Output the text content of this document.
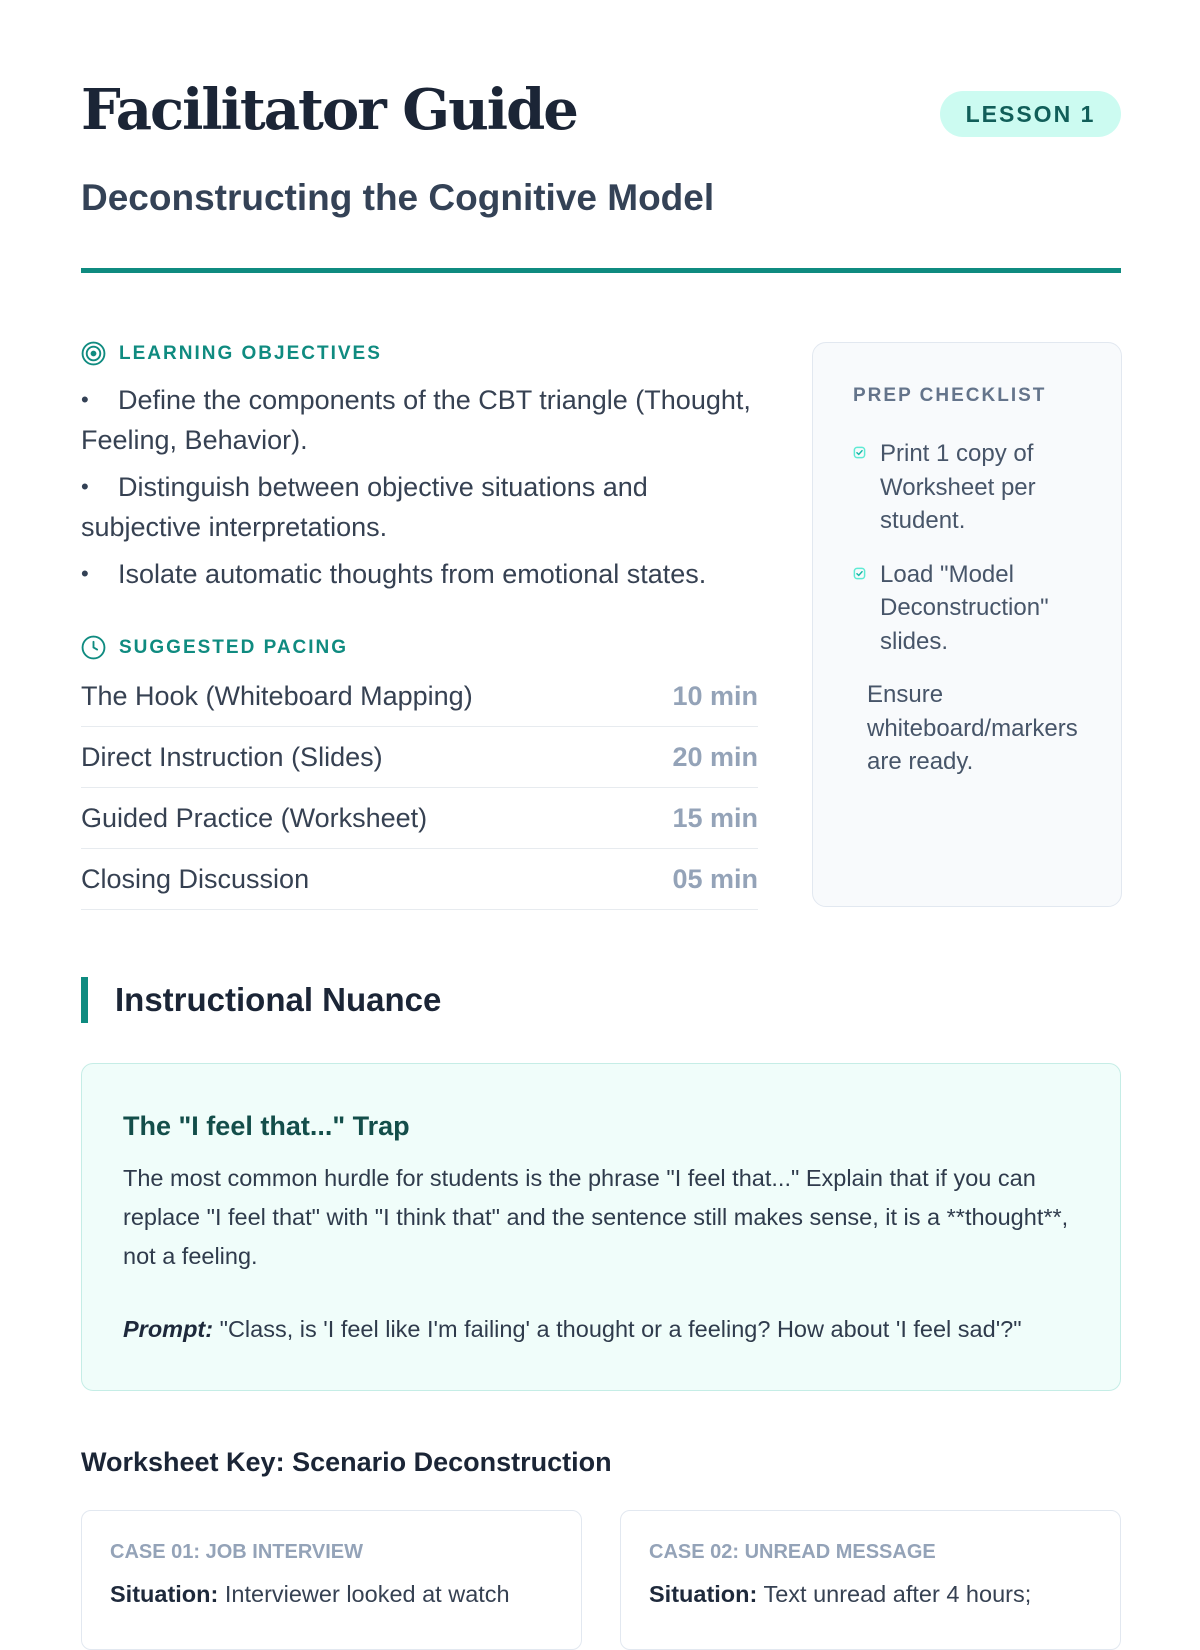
Facilitator Guide	LESSON 1
Deconstructing the Cognitive Model
LEARNING OBJECTIVES
• Define the components of the CBT triangle (Thought, Feeling, Behavior).
• Distinguish between objective situations and subjective interpretations.
• Isolate automatic thoughts from emotional states.
SUGGESTED PACING
The Hook (Whiteboard Mapping)	10 min
Direct Instruction (Slides)	20 min
Guided Practice (Worksheet)	15 min
Closing Discussion	05 min
PREP CHECKLIST
Print 1 copy of Worksheet per student.
Load "Model Deconstruction" slides.
Ensure whiteboard/markers are ready.
Instructional Nuance
The "I feel that..." Trap

The most common hurdle for students is the phrase "I feel that..." Explain that if you can replace "I feel that" with "I think that" and the sentence still makes sense, it is a **thought**, not a feeling.

Prompt: "Class, is 'I feel like I'm failing' a thought or a feeling? How about 'I feel sad'?"

Worksheet Key: Scenario Deconstruction
CASE 01: JOB INTERVIEW
Situation: Interviewer looked at watch
CASE 02: UNREAD MESSAGE
Situation: Text unread after 4 hours;
